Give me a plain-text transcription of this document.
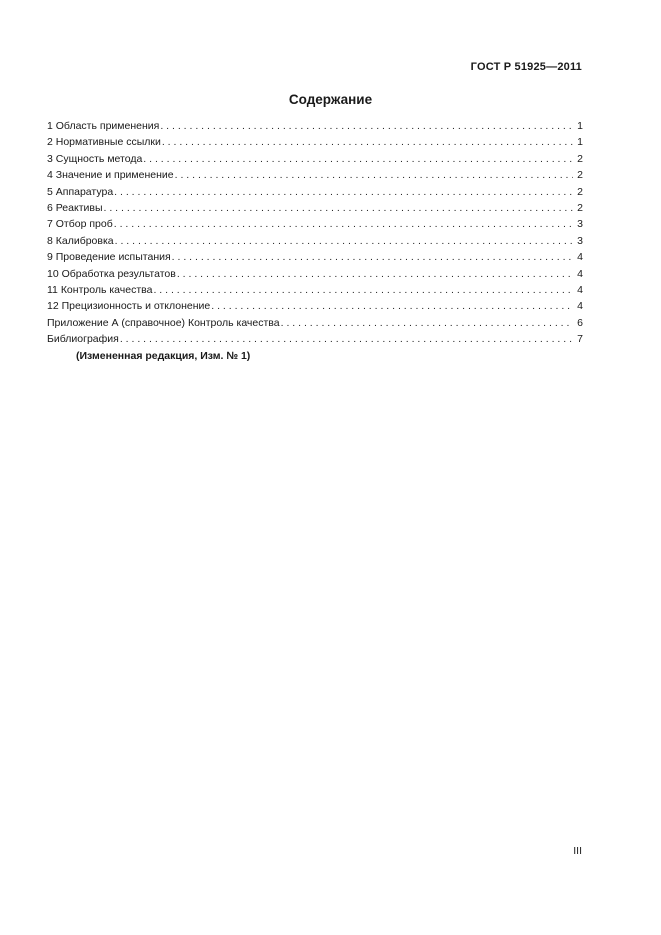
ГОСТ Р 51925—2011
Содержание
1 Область применения . . .	1
2 Нормативные ссылки . . .	1
3 Сущность метода . . .	2
4 Значение и применение . . .	2
5 Аппаратура . . .	2
6 Реактивы . . .	2
7 Отбор проб . . .	3
8 Калибровка . . .	3
9 Проведение испытания . . .	4
10 Обработка результатов . . .	4
11 Контроль качества . . .	4
12 Прецизионность и отклонение . . .	4
Приложение А (справочное) Контроль качества . . .	6
Библиография . . .	7
(Измененная редакция, Изм. № 1)
III
